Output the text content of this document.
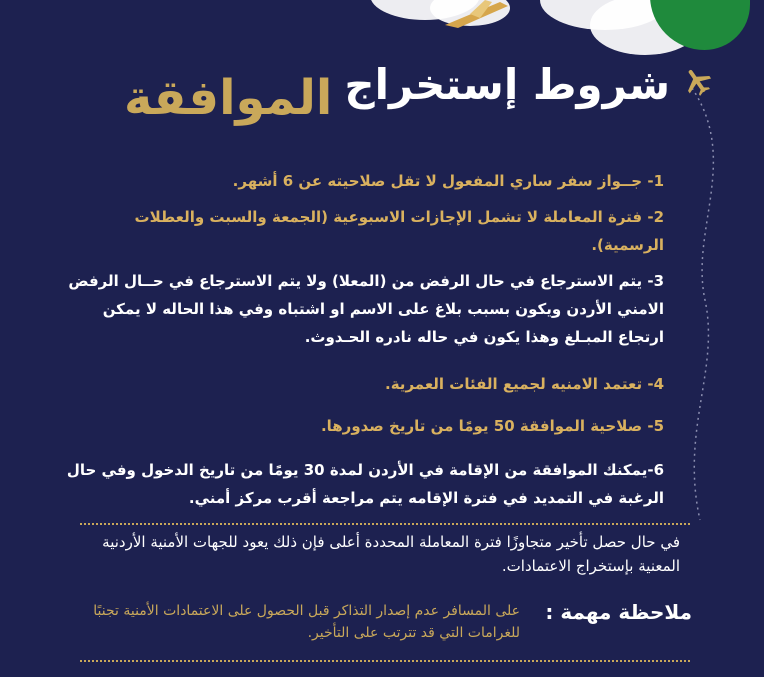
شروط إستخراج
الموافقة
1- جــواز سفر ساري المفعول لا تقل صلاحيته عن 6 أشهر.
2- فترة المعاملة لا تشمل الإجازات الاسبوعية (الجمعة والسبت والعطلات الرسمية).
3- يتم الاسترجاع في حال الرفض من (المعلا) ولا يتم الاسترجاع في حــال الرفض الامني الأردن ويكون بسبب بلاغ على الاسم او اشتباه وفي هذا الحاله لا يمكن ارتجاع المبـلغ وهذا يكون في حاله نادره الحـدوث.
4- تعتمد الامنيه لجميع الفئات العمرية.
5- صلاحية الموافقة 50 يومًا من تاريخ صدورها.
6-يمكنك الموافقة من الإقامة في الأردن لمدة 30 يومًا من تاريخ الدخول وفي حال الرغبة في التمديد في فترة الإقامه يتم مراجعة أقرب مركز أمني.
في حال حصل تأخير متجاوزًا فترة المعاملة المحددة أعلى فإن ذلك يعود للجهات الأمنية الأردنية المعنية بإستخراج الاعتمادات.
ملاحظة مهمة :
على المسافر عدم إصدار التذاكر قبل الحصول على الاعتمادات الأمنية تجنبًا للغرامات التي قد تترتب على التأخير.
